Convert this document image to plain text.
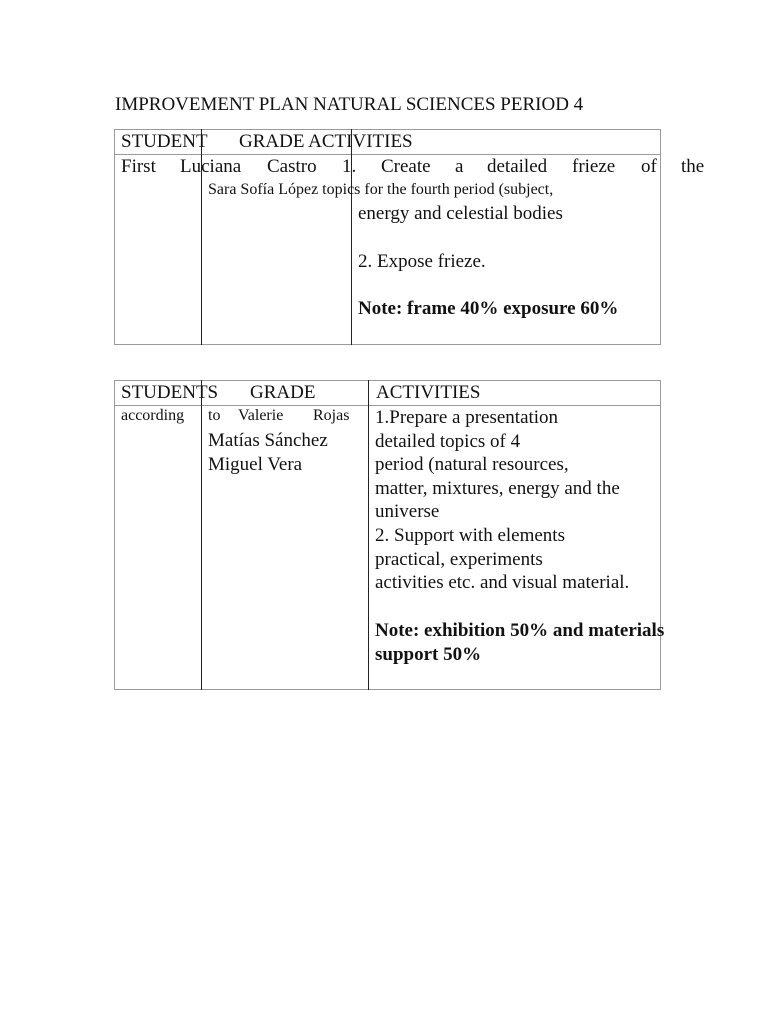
IMPROVEMENT PLAN NATURAL SCIENCES PERIOD 4
STUDENT GRADE ACTIVITIES
First Luciana Castro 1. Create a detailed frieze of the
Sara Sofía López topics for the fourth period (subject,
energy and celestial bodies
2. Expose frieze.
Note: frame 40% exposure 60%
STUDENTS GRADE	ACTIVITIES
according to Valerie Rojas
Matías Sánchez
Miguel Vera
1.Prepare a presentation
detailed topics of 4
period (natural resources,
matter, mixtures, energy and the
universe
2. Support with elements
practical, experiments
activities etc. and visual material.
Note: exhibition 50% and materials
support 50%
